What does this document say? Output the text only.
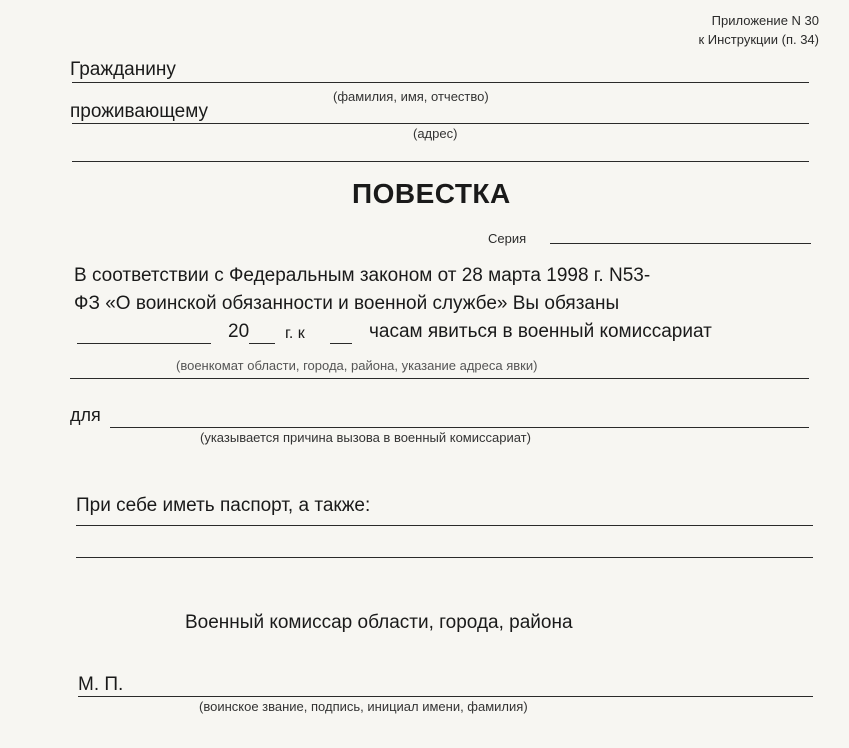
Приложение N 30
к Инструкции (п. 34)
Гражданину
(фамилия, имя, отчество)
проживающему
(адрес)
ПОВЕСТКА
Серия
В соответствии с Федеральным законом от 28 марта 1998 г. N53-
ФЗ «О воинской обязанности и военной службе» Вы обязаны
20 г. к	часам явиться в военный комиссариат
(военкомат области, города, района, указание адреса явки)
для
(указывается причина вызова в военный комиссариат)
При себе иметь паспорт, а также:
Военный комиссар области, города, района
М. П.
(воинское звание, подпись, инициал имени, фамилия)
